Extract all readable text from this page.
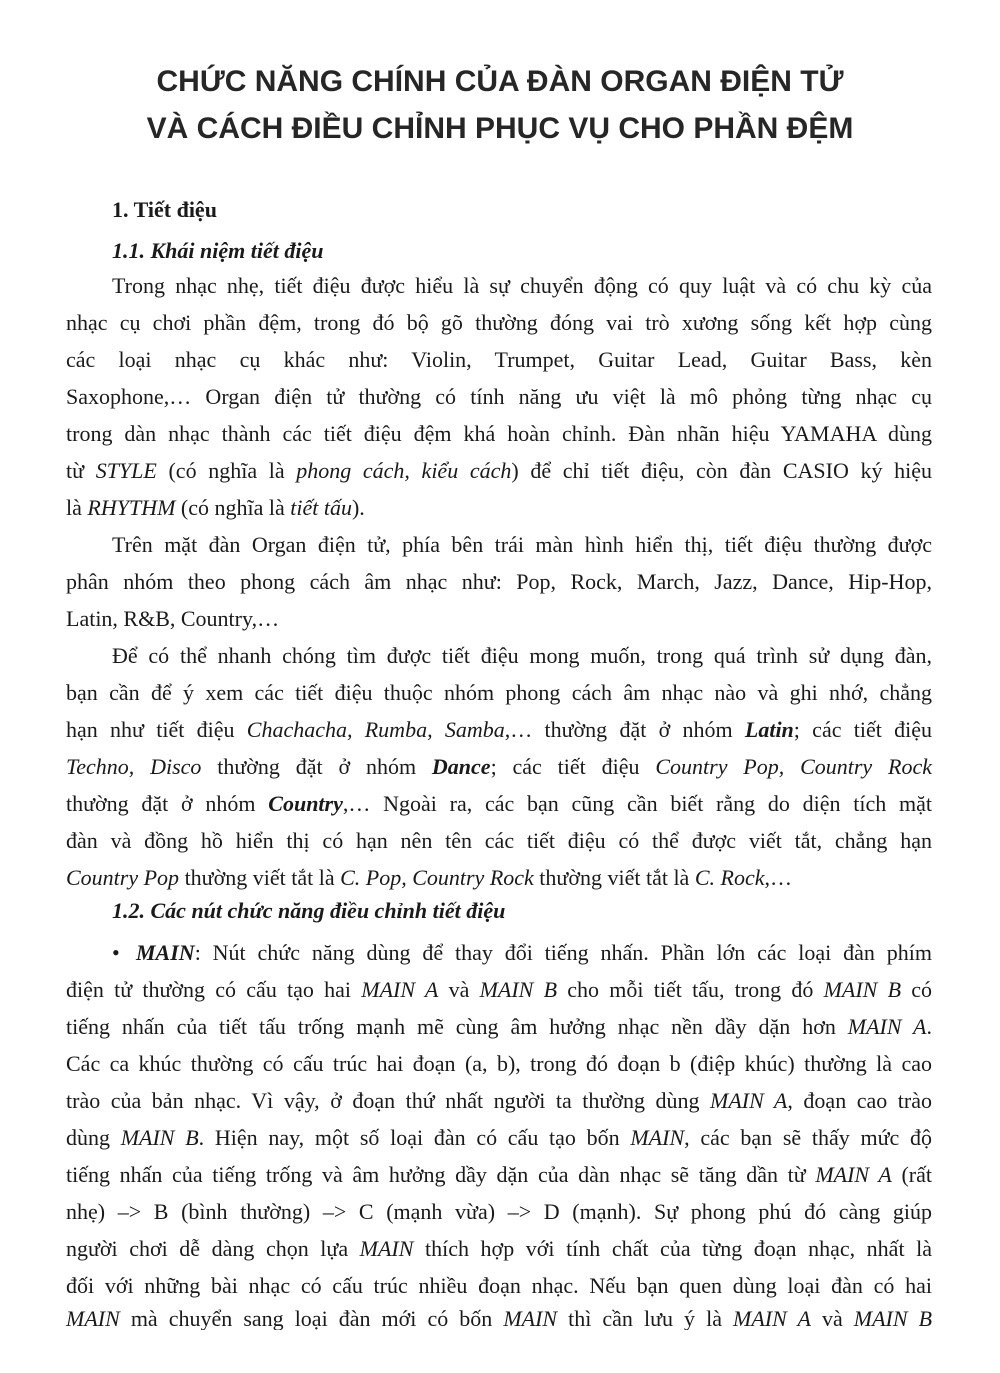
CHỨC NĂNG CHÍNH CỦA ĐÀN ORGAN ĐIỆN TỬ
VÀ CÁCH ĐIỀU CHỈNH PHỤC VỤ CHO PHẦN ĐỆM
1. Tiết điệu
1.1. Khái niệm tiết điệu

Trong nhạc nhẹ, tiết điệu được hiểu là sự chuyển động có quy luật và có chu kỳ của

nhạc cụ chơi phần đệm, trong đó bộ gõ thường đóng vai trò xương sống kết hợp cùng

các loại nhạc cụ khác như: Violin, Trumpet, Guitar Lead, Guitar Bass, kèn

Saxophone,… Organ điện tử thường có tính năng ưu việt là mô phỏng từng nhạc cụ

trong dàn nhạc thành các tiết điệu đệm khá hoàn chỉnh. Đàn nhãn hiệu YAMAHA dùng

từ STYLE (có nghĩa là phong cách, kiểu cách) để chỉ tiết điệu, còn đàn CASIO ký hiệu

là RHYTHM (có nghĩa là tiết tấu).

Trên mặt đàn Organ điện tử, phía bên trái màn hình hiển thị, tiết điệu thường được

phân nhóm theo phong cách âm nhạc như: Pop, Rock, March, Jazz, Dance, Hip-Hop,

Latin, R&B, Country,…

Để có thể nhanh chóng tìm được tiết điệu mong muốn, trong quá trình sử dụng đàn,

bạn cần để ý xem các tiết điệu thuộc nhóm phong cách âm nhạc nào và ghi nhớ, chẳng

hạn như tiết điệu Chachacha, Rumba, Samba,… thường đặt ở nhóm Latin; các tiết điệu

Techno, Disco thường đặt ở nhóm Dance; các tiết điệu Country Pop, Country Rock

thường đặt ở nhóm Country,… Ngoài ra, các bạn cũng cần biết rằng do diện tích mặt

đàn và đồng hồ hiển thị có hạn nên tên các tiết điệu có thể được viết tắt, chẳng hạn

Country Pop thường viết tắt là C. Pop, Country Rock thường viết tắt là C. Rock,…

1.2. Các nút chức năng điều chỉnh tiết điệu
• MAIN: Nút chức năng dùng để thay đổi tiếng nhấn. Phần lớn các loại đàn phím

điện tử thường có cấu tạo hai MAIN A và MAIN B cho mỗi tiết tấu, trong đó MAIN B có

tiếng nhấn của tiết tấu trống mạnh mẽ cùng âm hưởng nhạc nền dầy dặn hơn MAIN A.

Các ca khúc thường có cấu trúc hai đoạn (a, b), trong đó đoạn b (điệp khúc) thường là cao

trào của bản nhạc. Vì vậy, ở đoạn thứ nhất người ta thường dùng MAIN A, đoạn cao trào

dùng MAIN B. Hiện nay, một số loại đàn có cấu tạo bốn MAIN, các bạn sẽ thấy mức độ

tiếng nhấn của tiếng trống và âm hưởng dầy dặn của dàn nhạc sẽ tăng dần từ MAIN A (rất

nhẹ) –> B (bình thường) –> C (mạnh vừa) –> D (mạnh). Sự phong phú đó càng giúp

người chơi dễ dàng chọn lựa MAIN thích hợp với tính chất của từng đoạn nhạc, nhất là

đối với những bài nhạc có cấu trúc nhiều đoạn nhạc. Nếu bạn quen dùng loại đàn có hai

MAIN mà chuyển sang loại đàn mới có bốn MAIN thì cần lưu ý là MAIN A và MAIN B
